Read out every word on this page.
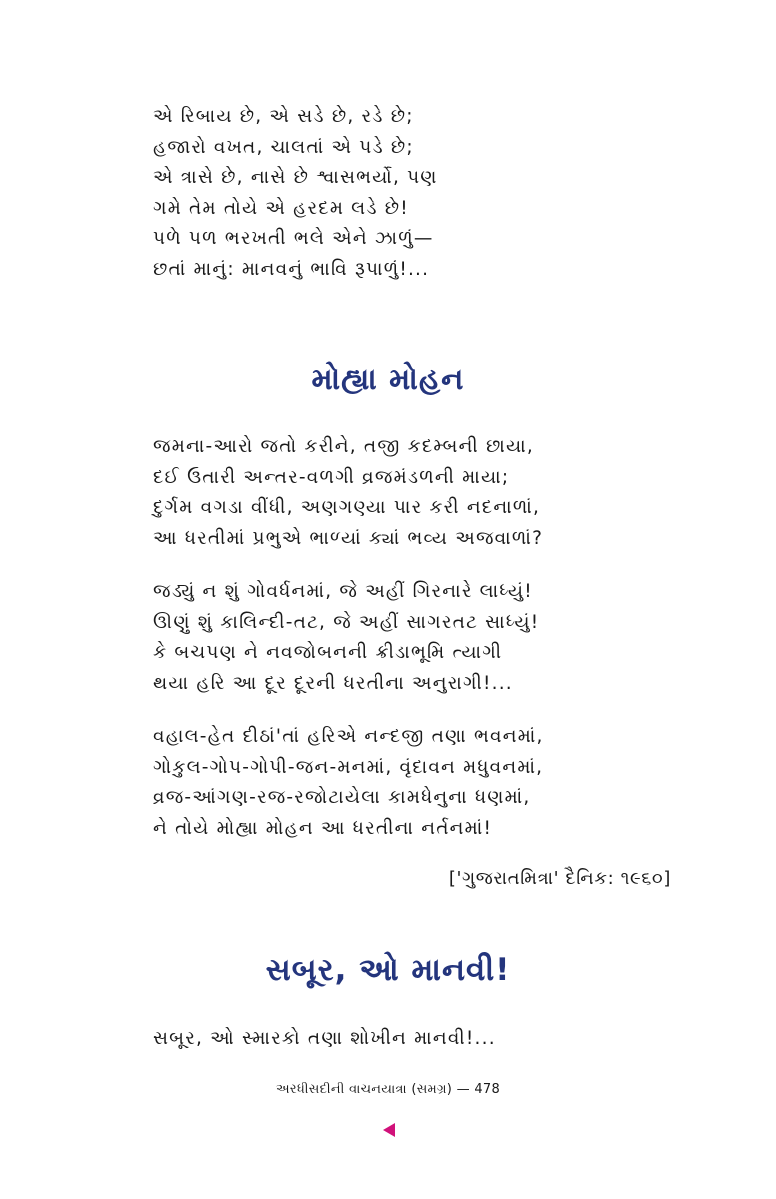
એ રિબાય છે, એ સડે છે, રડે છે;
હજારો વખત, ચાલતાં એ પડે છે;
એ ત્રાસે છે, નાસે છે શ્વાસભર્યો, પણ
ગમે તેમ તોયે એ હરદમ લડે છે!
પળે પળ ભરખતી ભલે એને ઝાળું—
છતાં માનું: માનવનું ભાવિ રૂપાળું!...
મોહ્યા મોહન
જમના-આરો જતો કરીને, તજી કદમ્બની છાયા,
દઈ ઉતારી અન્તર-વળગી વ્રજમંડળની માયા;
દુર્ગમ વગડા વીંધી, અણગણ્યા પાર કરી નદનાળાં,
આ ધરતીમાં પ્રભુએ ભાળ્યાં ક્યાં ભવ્ય અજવાળાં?
જડ્યું ન શું ગોવર્ધનમાં, જે અહીં ગિરનારે લાધ્યું!
ઊણું શું કાલિન્દી-તટ, જે અહીં સાગરતટ સાધ્યું!
કે બચપણ ને નવજોબનની ક્રીડાભૂમિ ત્યાગી
થયા હરિ આ દૂર દૂરની ધરતીના અનુરાગી!...
વહાલ-હેત દીઠાં'તાં હરિએ નન્દજી તણા ભવનમાં,
ગોકુલ-ગોપ-ગોપી-જન-મનમાં, વૃંદાવન મધુવનમાં,
વ્રજ-આંગણ-રજ-રજોટાયેલા કામધેનુના ધણમાં,
ને તોયે મોહ્યા મોહન આ ધરતીના નર્તનમાં!
['ગુજરાતમિત્રા' દૈનિક: ૧૯૬૦]
સબૂર, ઓ માનવી!
સબૂર, ઓ સ્મારકો તણા શોખીન માનવી!...
અરધીસદીની વાચનયાત્રા (સમગ્ર) — 478
